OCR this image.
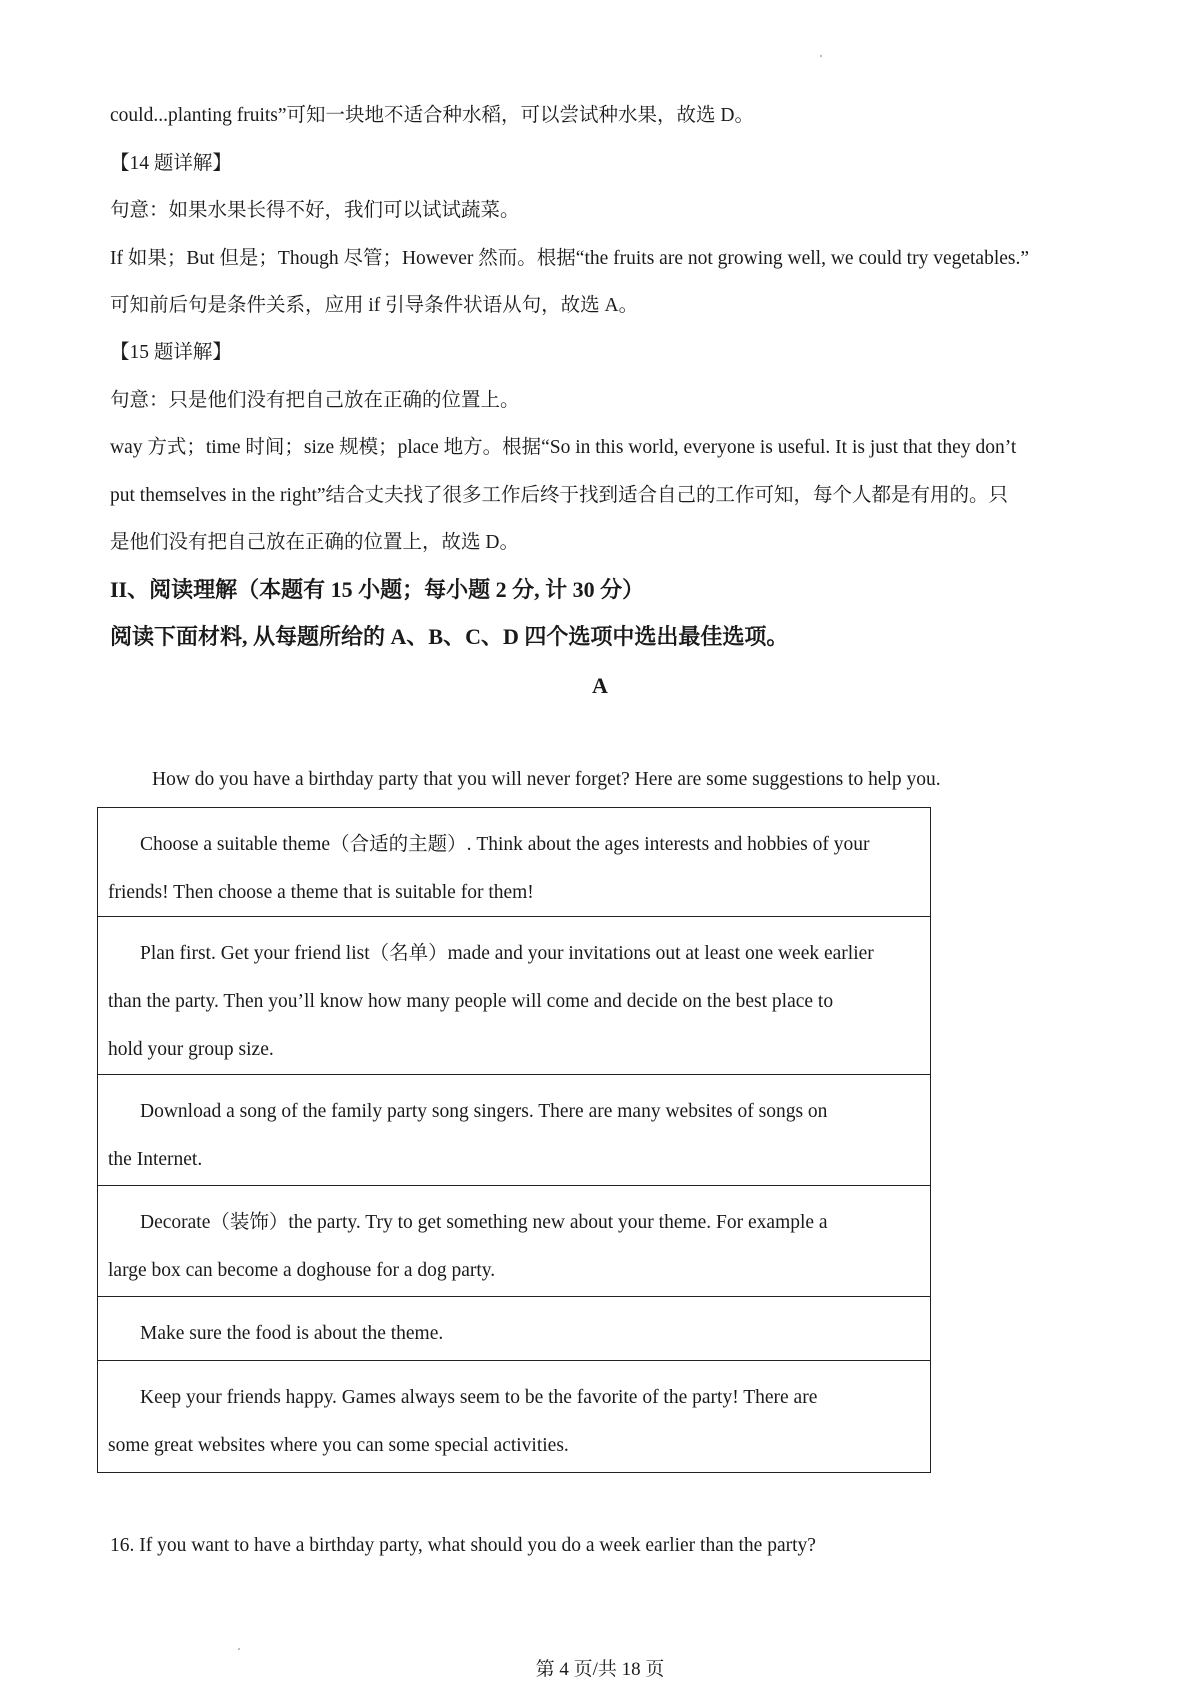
could...planting fruits”可知一块地不适合种水稻，可以尝试种水果，故选 D。
【14 题详解】
句意：如果水果长得不好，我们可以试试蔬菜。
If 如果；But 但是；Though 尽管；However 然而。根据“the fruits are not growing well, we could try vegetables.”
可知前后句是条件关系，应用 if 引导条件状语从句，故选 A。
【15 题详解】
句意：只是他们没有把自己放在正确的位置上。
way 方式；time 时间；size 规模；place 地方。根据“So in this world, everyone is useful. It is just that they don’t
put themselves in the right”结合丈夫找了很多工作后终于找到适合自己的工作可知，每个人都是有用的。只
是他们没有把自己放在正确的位置上，故选 D。
II、阅读理解（本题有 15 小题；每小题 2 分, 计 30 分）
阅读下面材料, 从每题所给的 A、B、C、D 四个选项中选出最佳选项。
A
How do you have a birthday party that you will never forget? Here are some suggestions to help you.
Choose a suitable theme（合适的主题）. Think about the ages interests and hobbies of your
friends! Then choose a theme that is suitable for them!
Plan first. Get your friend list（名单）made and your invitations out at least one week earlier
than the party. Then you’ll know how many people will come and decide on the best place to
hold your group size.
Download a song of the family party song singers. There are many websites of songs on
the Internet.
Decorate（装饰）the party. Try to get something new about your theme. For example a
large box can become a doghouse for a dog party.
Make sure the food is about the theme.
Keep your friends happy. Games always seem to be the favorite of the party! There are
some great websites where you can some special activities.
16. If you want to have a birthday party, what should you do a week earlier than the party?
第 4 页/共 18 页
